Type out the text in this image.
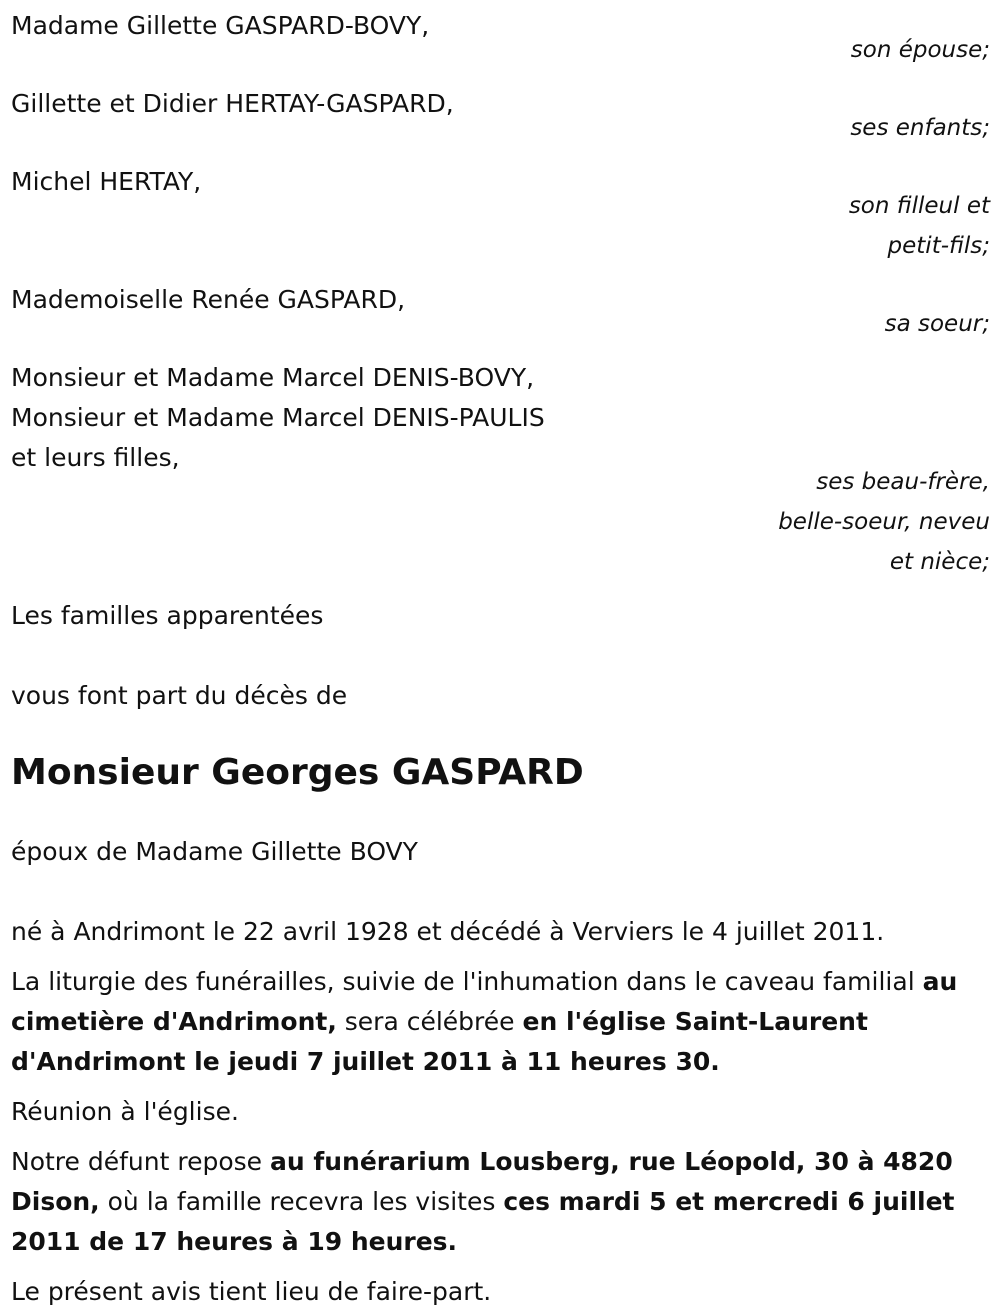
Madame Gillette GASPARD-BOVY,
son épouse;
Gillette et Didier HERTAY-GASPARD,
ses enfants;
Michel HERTAY,
son filleul et
petit-fils;
Mademoiselle Renée GASPARD,
sa soeur;
Monsieur et Madame Marcel DENIS-BOVY,
Monsieur et Madame Marcel DENIS-PAULIS
et leurs filles,
ses beau-frère,
belle-soeur, neveu
et nièce;
Les familles apparentées
vous font part du décès de
Monsieur Georges GASPARD
époux de Madame Gillette BOVY
né à Andrimont le 22 avril 1928 et décédé à Verviers le 4 juillet 2011.
La liturgie des funérailles, suivie de l'inhumation dans le caveau familial au cimetière d'Andrimont, sera célébrée en l'église Saint-Laurent d'Andrimont le jeudi 7 juillet 2011 à 11 heures 30.
Réunion à l'église.
Notre défunt repose au funérarium Lousberg, rue Léopold, 30 à 4820 Dison, où la famille recevra les visites ces mardi 5 et mercredi 6 juillet 2011 de 17 heures à 19 heures.
Le présent avis tient lieu de faire-part.
